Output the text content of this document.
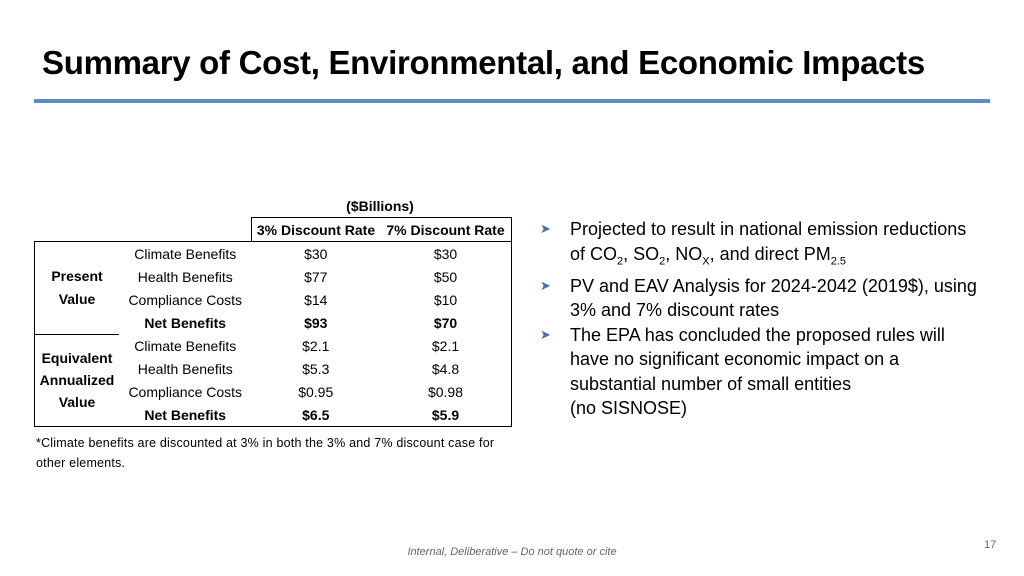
Summary of Cost, Environmental, and Economic Impacts
($Billions)
		3% Discount Rate	7% Discount Rate
Present
Value	Climate Benefits	$30	$30
	Health Benefits	$77	$50
	Compliance Costs	$14	$10
	Net Benefits	$93	$70
Equivalent
Annualized
Value	Climate Benefits	$2.1	$2.1
	Health Benefits	$5.3	$4.8
	Compliance Costs	$0.95	$0.98
	Net Benefits	$6.5	$5.9
*Climate benefits are discounted at 3% in both the 3% and 7% discount case for other elements.
➤ Projected to result in national emission reductions of $CO_2$, $SO_2$, $NO_X$, and direct $PM_{2.5}$
➤ PV and EAV Analysis for 2024-2042 (2019$), using 3% and 7% discount rates
➤ The EPA has concluded the proposed rules will have no significant economic impact on a substantial number of small entities
(no SISNOSE)
Internal, Deliberative – Do not quote or cite
17
